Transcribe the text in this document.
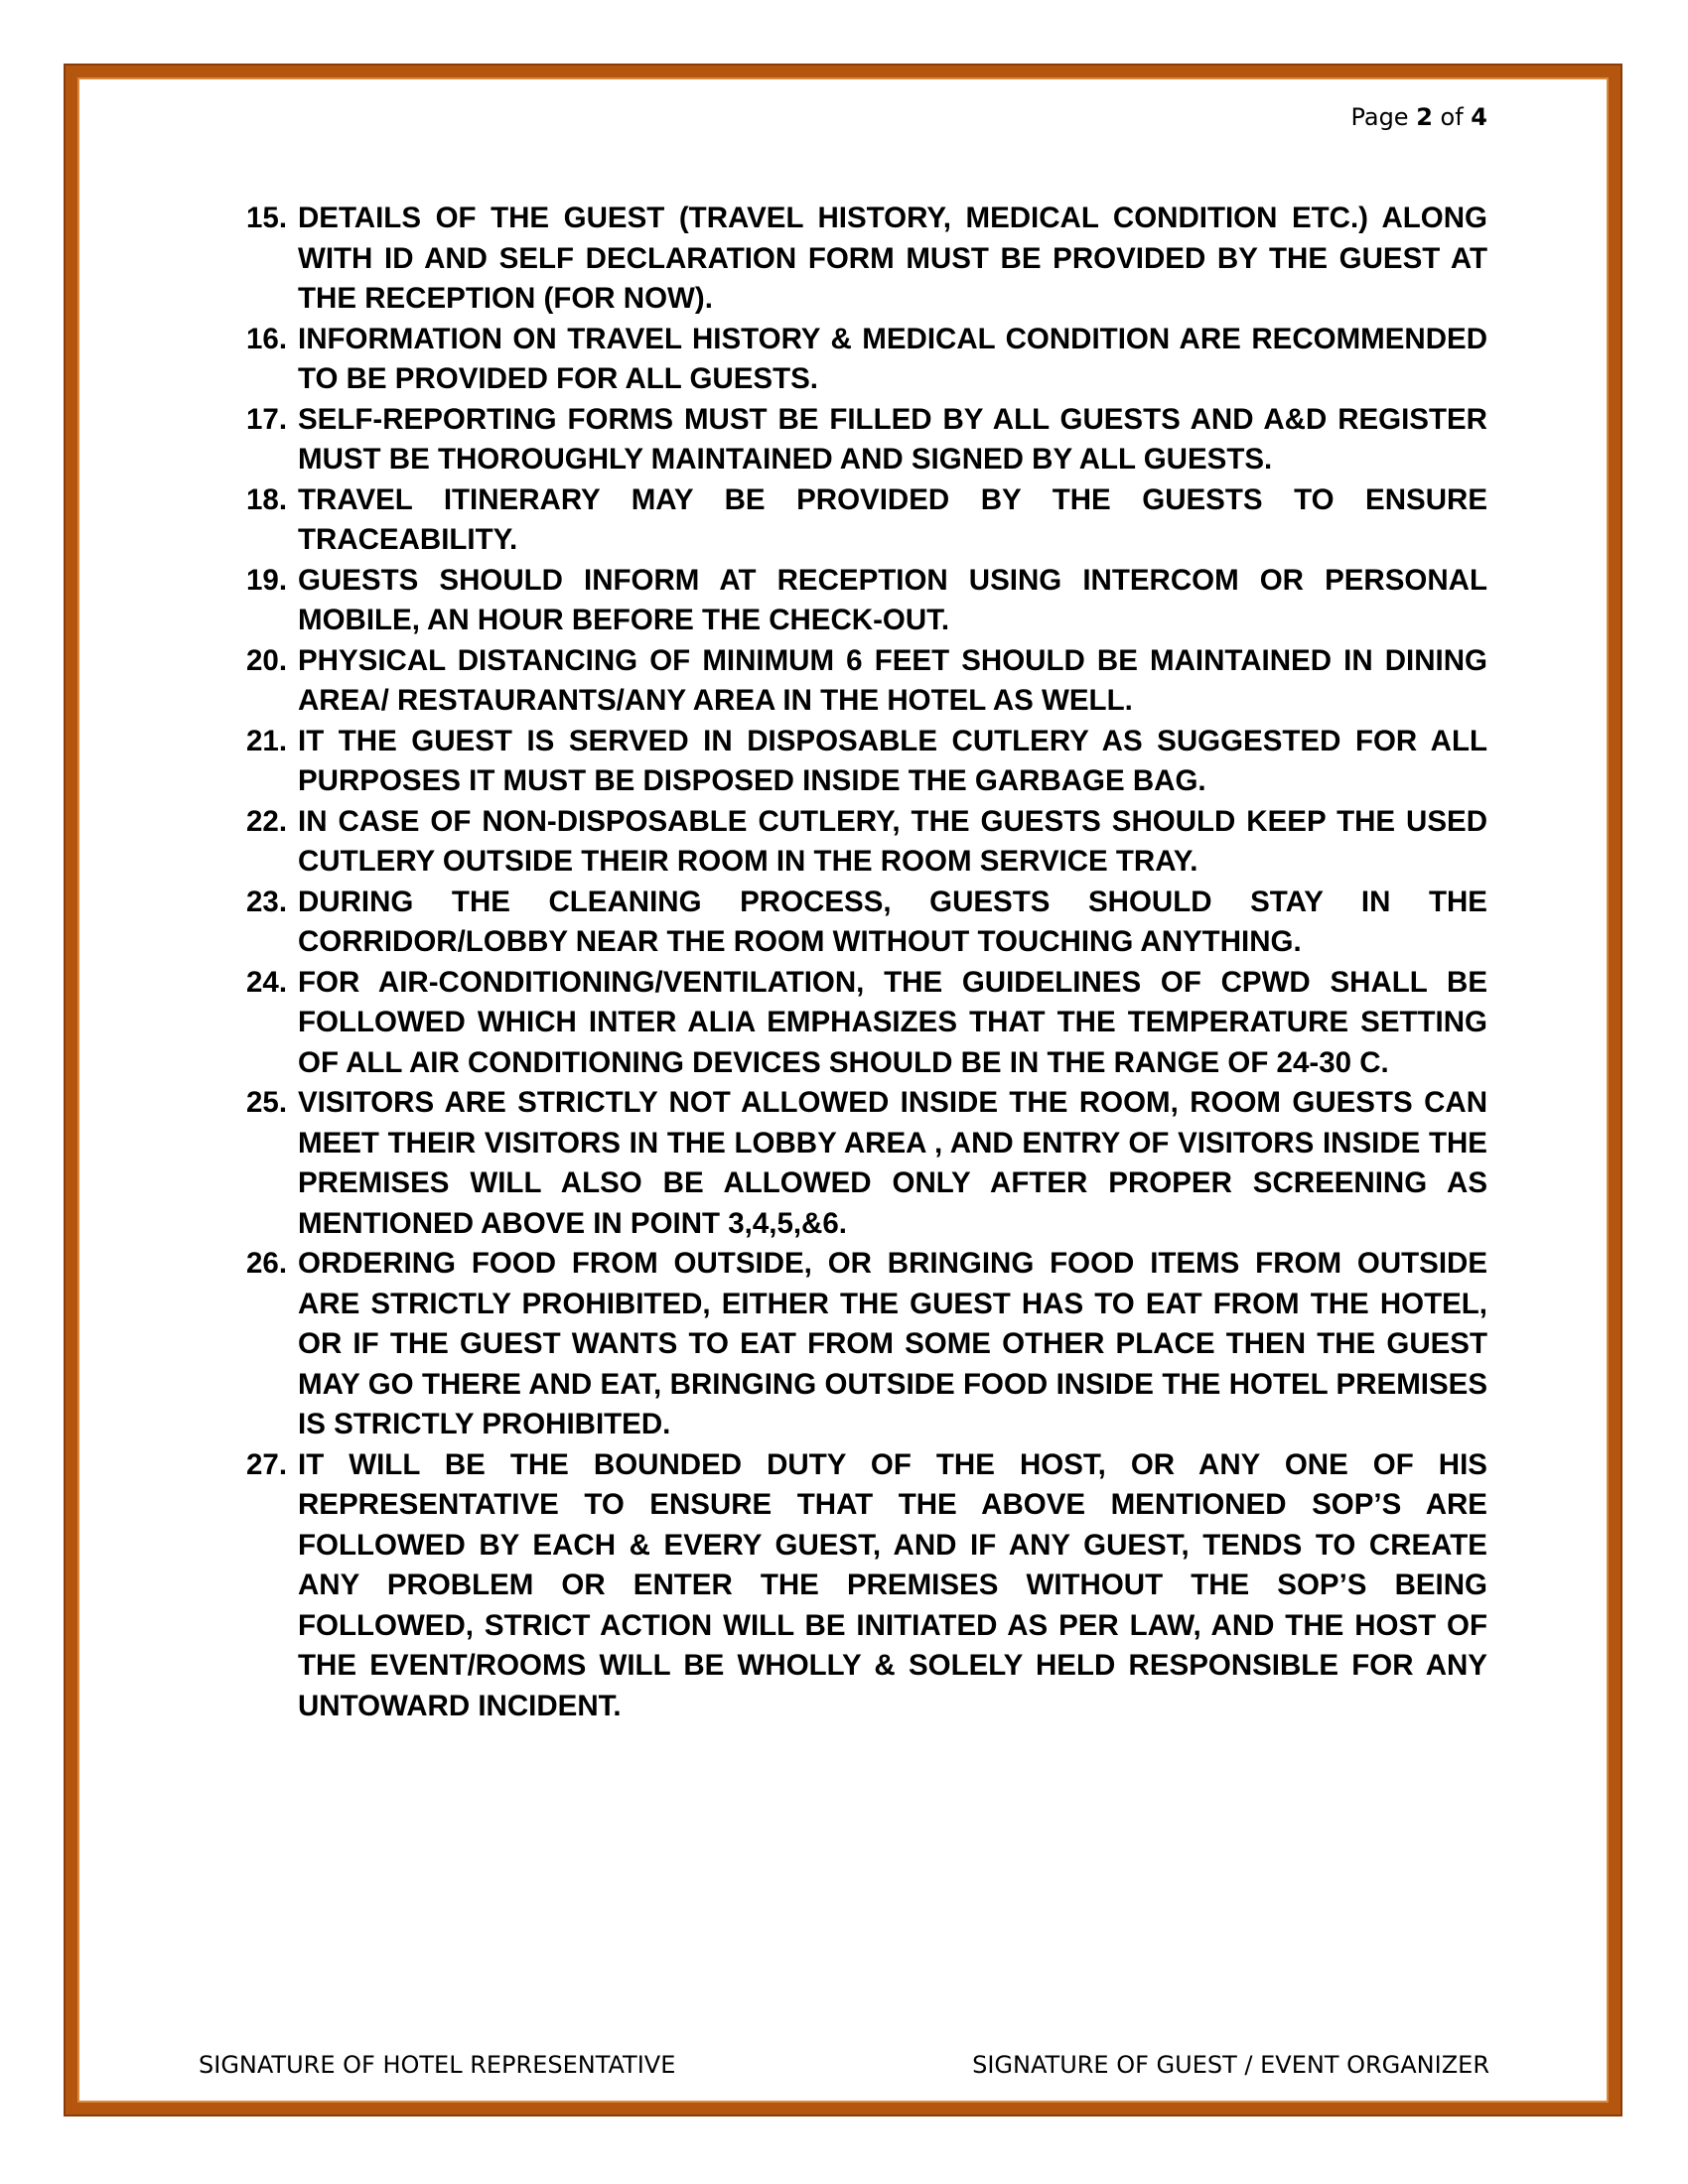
Page 2 of 4
15. DETAILS OF THE GUEST (TRAVEL HISTORY, MEDICAL CONDITION ETC.) ALONG WITH ID AND SELF DECLARATION FORM MUST BE PROVIDED BY THE GUEST AT THE RECEPTION (FOR NOW).
16. INFORMATION ON TRAVEL HISTORY & MEDICAL CONDITION ARE RECOMMENDED TO BE PROVIDED FOR ALL GUESTS.
17. SELF-REPORTING FORMS MUST BE FILLED BY ALL GUESTS AND A&D REGISTER MUST BE THOROUGHLY MAINTAINED AND SIGNED BY ALL GUESTS.
18. TRAVEL ITINERARY MAY BE PROVIDED BY THE GUESTS TO ENSURE TRACEABILITY.
19. GUESTS SHOULD INFORM AT RECEPTION USING INTERCOM OR PERSONAL MOBILE, AN HOUR BEFORE THE CHECK-OUT.
20. PHYSICAL DISTANCING OF MINIMUM 6 FEET SHOULD BE MAINTAINED IN DINING AREA/ RESTAURANTS/ANY AREA IN THE HOTEL AS WELL.
21. IT THE GUEST IS SERVED IN DISPOSABLE CUTLERY AS SUGGESTED FOR ALL PURPOSES IT MUST BE DISPOSED INSIDE THE GARBAGE BAG.
22. IN CASE OF NON-DISPOSABLE CUTLERY, THE GUESTS SHOULD KEEP THE USED CUTLERY OUTSIDE THEIR ROOM IN THE ROOM SERVICE TRAY.
23. DURING THE CLEANING PROCESS, GUESTS SHOULD STAY IN THE CORRIDOR/LOBBY NEAR THE ROOM WITHOUT TOUCHING ANYTHING.
24. FOR AIR-CONDITIONING/VENTILATION, THE GUIDELINES OF CPWD SHALL BE FOLLOWED WHICH INTER ALIA EMPHASIZES THAT THE TEMPERATURE SETTING OF ALL AIR CONDITIONING DEVICES SHOULD BE IN THE RANGE OF 24-30 C.
25. VISITORS ARE STRICTLY NOT ALLOWED INSIDE THE ROOM, ROOM GUESTS CAN MEET THEIR VISITORS IN THE LOBBY AREA , AND ENTRY OF VISITORS INSIDE THE PREMISES WILL ALSO BE ALLOWED ONLY AFTER PROPER SCREENING AS MENTIONED ABOVE IN POINT 3,4,5,&6.
26. ORDERING FOOD FROM OUTSIDE, OR BRINGING FOOD ITEMS FROM OUTSIDE ARE STRICTLY PROHIBITED, EITHER THE GUEST HAS TO EAT FROM THE HOTEL, OR IF THE GUEST WANTS TO EAT FROM SOME OTHER PLACE THEN THE GUEST MAY GO THERE AND EAT, BRINGING OUTSIDE FOOD INSIDE THE HOTEL PREMISES IS STRICTLY PROHIBITED.
27. IT WILL BE THE BOUNDED DUTY OF THE HOST, OR ANY ONE OF HIS REPRESENTATIVE TO ENSURE THAT THE ABOVE MENTIONED SOP’S ARE FOLLOWED BY EACH & EVERY GUEST, AND IF ANY GUEST, TENDS TO CREATE ANY PROBLEM OR ENTER THE PREMISES WITHOUT THE SOP’S BEING FOLLOWED, STRICT ACTION WILL BE INITIATED AS PER LAW, AND THE HOST OF THE EVENT/ROOMS WILL BE WHOLLY & SOLELY HELD RESPONSIBLE FOR ANY UNTOWARD INCIDENT.
SIGNATURE OF HOTEL REPRESENTATIVE	SIGNATURE OF GUEST / EVENT ORGANIZER
